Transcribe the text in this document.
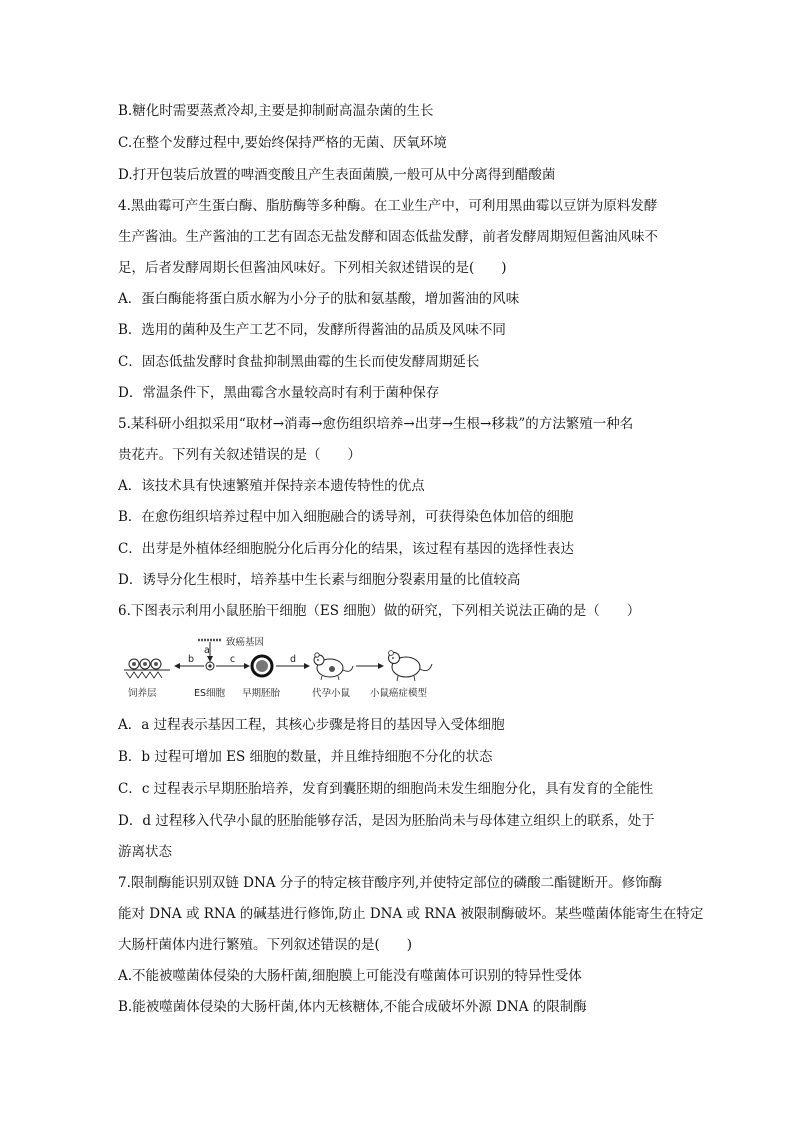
B.糖化时需要蒸煮冷却,主要是抑制耐高温杂菌的生长
C.在整个发酵过程中,要始终保持严格的无菌、厌氧环境
D.打开包装后放置的啤酒变酸且产生表面菌膜,一般可从中分离得到醋酸菌
4.黑曲霉可产生蛋白酶、脂肪酶等多种酶。在工业生产中，可利用黑曲霉以豆饼为原料发酵
生产酱油。生产酱油的工艺有固态无盐发酵和固态低盐发酵，前者发酵周期短但酱油风味不
足，后者发酵周期长但酱油风味好。下列相关叙述错误的是(　　)
A．蛋白酶能将蛋白质水解为小分子的肽和氨基酸，增加酱油的风味
B．选用的菌种及生产工艺不同，发酵所得酱油的品质及风味不同
C．固态低盐发酵时食盐抑制黑曲霉的生长而使发酵周期延长
D．常温条件下，黑曲霉含水量较高时有利于菌种保存
5.某科研小组拟采用“取材→消毒→愈伤组织培养→出芽→生根→移栽”的方法繁殖一种名
贵花卉。下列有关叙述错误的是（　　）
A．该技术具有快速繁殖并保持亲本遗传特性的优点
B．在愈伤组织培养过程中加入细胞融合的诱导剂，可获得染色体加倍的细胞
C．出芽是外植体经细胞脱分化后再分化的结果，该过程有基因的选择性表达
D．诱导分化生根时，培养基中生长素与细胞分裂素用量的比值较高
6.下图表示利用小鼠胚胎干细胞（ES 细胞）做的研究，下列相关说法正确的是（　　）
b
a
致癌基因
c	d
饲养层	ES细胞 早期胚胎	代孕小鼠 小鼠癌症模型
A．a 过程表示基因工程，其核心步骤是将目的基因导入受体细胞
B．b 过程可增加 ES 细胞的数量，并且维持细胞不分化的状态
C．c 过程表示早期胚胎培养，发育到囊胚期的细胞尚未发生细胞分化，具有发育的全能性
D．d 过程移入代孕小鼠的胚胎能够存活，是因为胚胎尚未与母体建立组织上的联系，处于
游离状态
7.限制酶能识别双链 DNA 分子的特定核苷酸序列,并使特定部位的磷酸二酯键断开。修饰酶
能对 DNA 或 RNA 的碱基进行修饰,防止 DNA 或 RNA 被限制酶破坏。某些噬菌体能寄生在特定
大肠杆菌体内进行繁殖。下列叙述错误的是(　　)
A.不能被噬菌体侵染的大肠杆菌,细胞膜上可能没有噬菌体可识别的特异性受体
B.能被噬菌体侵染的大肠杆菌,体内无核糖体,不能合成破坏外源 DNA 的限制酶
